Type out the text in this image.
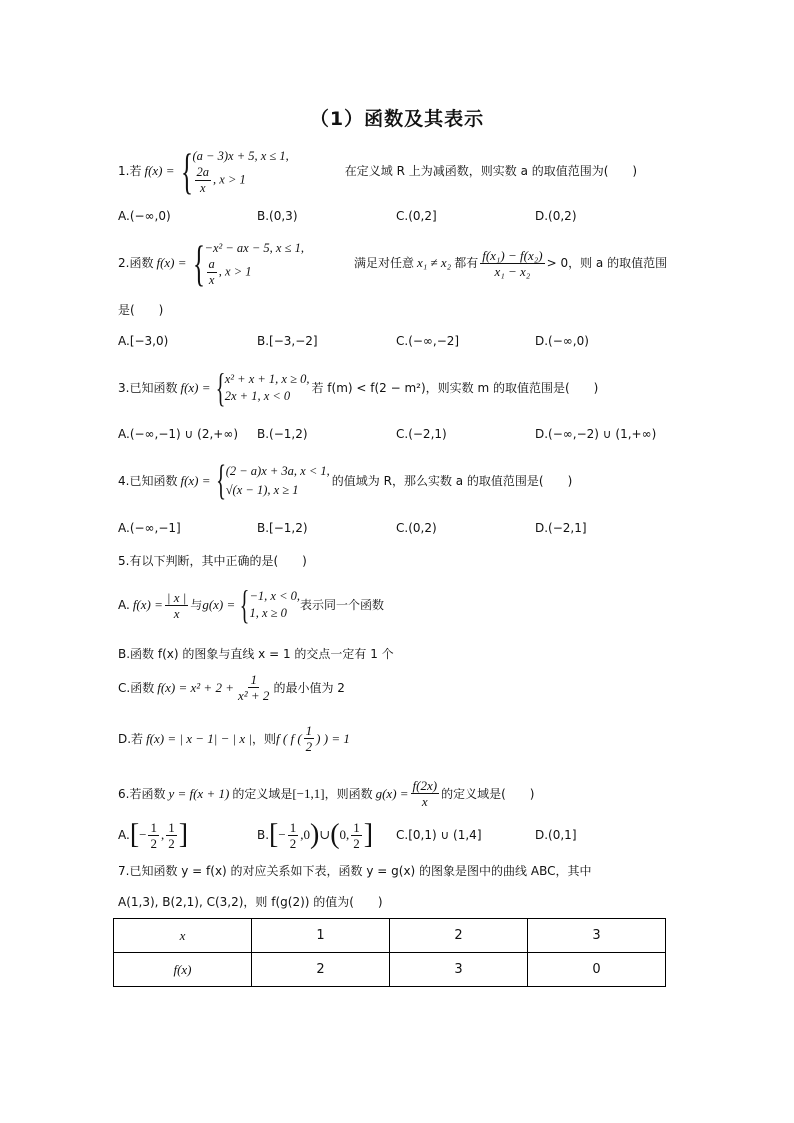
（1）函数及其表示
1.若 f(x) = { (a − 3)x + 5, x ≤ 1,
$\frac{2a}{x}$ , x > 1
在定义域 R 上为减函数，则实数 a 的取值范围为(　　)
A.(−∞,0)	B.(0,3)	C.(0,2]	D.(0,2)
2.函数 f(x) = { −x² − ax − 5, x ≤ 1,
$\frac{a}{x}$ , x > 1
满足对任意 x₁ ≠ x₂ 都有 $\frac{\text{f(x₁) − f(x₂)}}{\text{x₁ − x₂}} > 0$，则 a 的取值范围
是(　　)
A.[−3,0)	B.[−3,−2]	C.(−∞,−2]	D.(−∞,0)
3.已知函数 f(x) = { x² + x + 1, x ≥ 0,
2x + 1, x < 0
若 f(m) < f(2 − m²)，则实数 m 的取值范围是(　　)
A.(−∞,−1) ∪ (2,+∞) B.(−1,2)	C.(−2,1)	D.(−∞,−2) ∪ (1,+∞)
4.已知函数 f(x) = { (2 − a)x + 3a, x < 1,
√(x − 1), x ≥ 1
的值域为 R，那么实数 a 的取值范围是(　　)
A.(−∞,−1]	B.[−1,2)	C.(0,2)	D.(−2,1]
5.有以下判断，其中正确的是(　　)
A. $f(x) = \frac{| x |}{x}$ 与 g(x) = { −1, x < 0,
1, x ≥ 0
表示同一个函数
B.函数 f(x) 的图象与直线 x = 1 的交点一定有 1 个
C.函数 $f(x) = x^2 + 2 + \frac{1}{\text{x² + 2}}$ 的最小值为 2
D.若 f(x) = | x − 1| − | x | ，则 f ( f ( $\frac{1}{2}$ ) ) = 1
6.若函数 y = f(x + 1) 的定义域是 [−1,1] ，则函数 $g(x) = \frac{f(2x)}{x}$ 的定义域是(　　)
A. [ − $\frac{1}{2}$ , $\frac{1}{2}$ ]	B. [ − $\frac{1}{2} ,0$ ) ∪ ( 0, $\frac{1}{2}$ ] C.[0,1) ∪ (1,4]	D.(0,1]
7.已知函数 y = f(x) 的对应关系如下表，函数 y = g(x) 的图象是图中的曲线 ABC，其中
A(1,3), B(2,1), C(3,2)，则 f(g(2)) 的值为(　　)
x	1	2	3
f(x)	2	3	0
